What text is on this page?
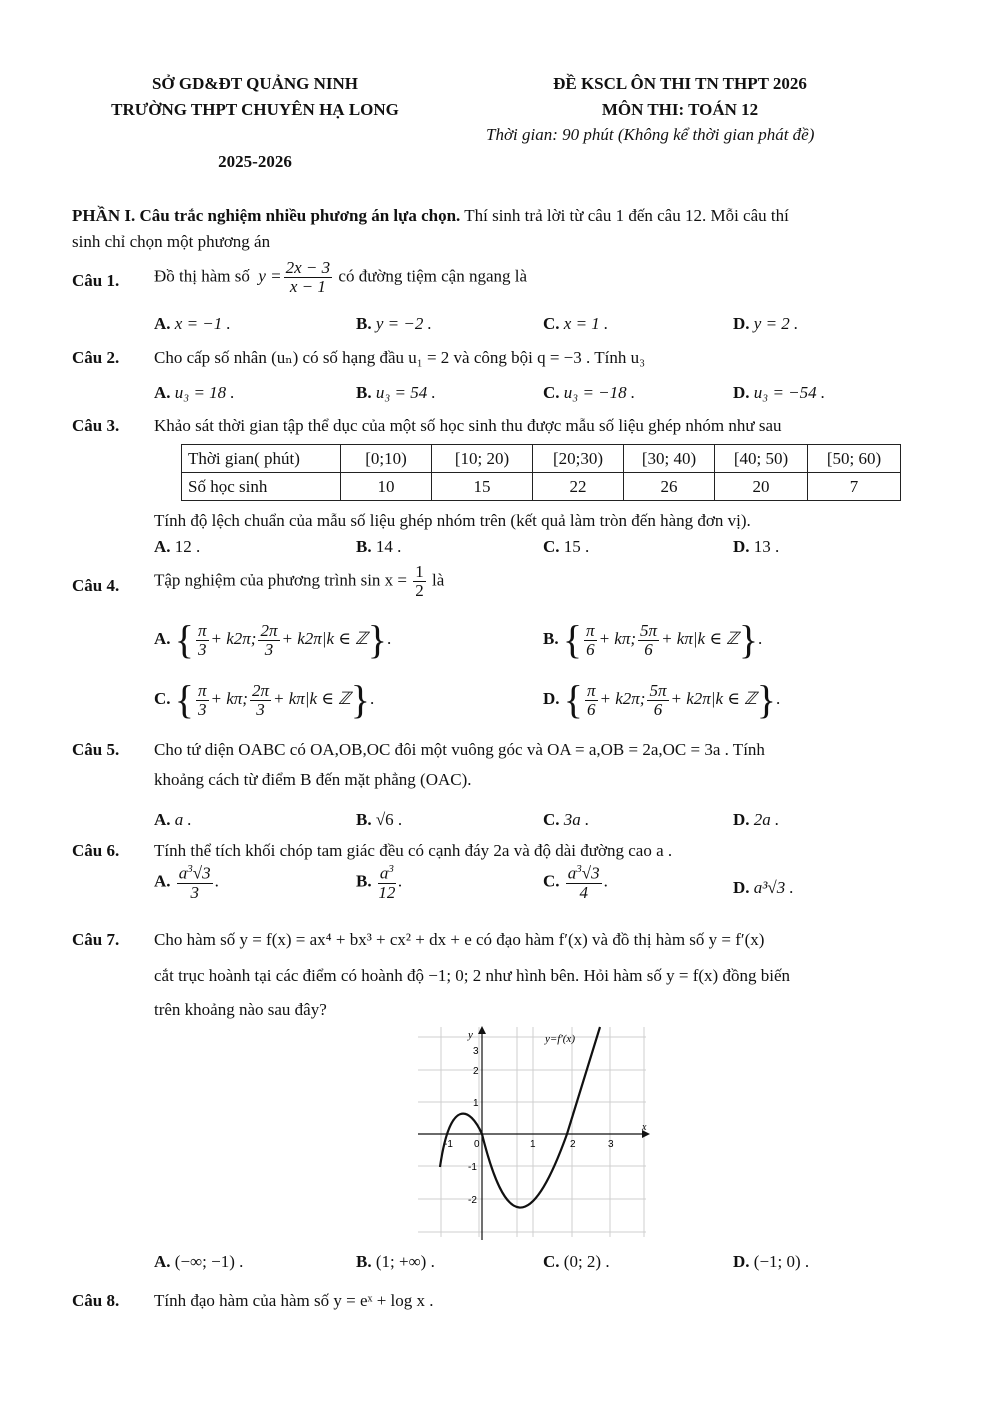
SỞ GD&ĐT QUẢNG NINH
TRƯỜNG THPT CHUYÊN HẠ LONG
2025-2026
ĐỀ KSCL ÔN THI TN THPT 2026
MÔN THI: TOÁN 12
Thời gian: 90 phút (Không kể thời gian phát đề)
PHẦN I. Câu trắc nghiệm nhiều phương án lựa chọn. Thí sinh trả lời từ câu 1 đến câu 12. Mỗi câu thí
sinh chỉ chọn một phương án
Câu 1. Đồ thị hàm số  $y = \frac{2x - 3}{x - 1}$ có đường tiệm cận ngang là
A. x = −1 .	B. y = −2 .	C. x = 1 .	D. y = 2 .
Câu 2. Cho cấp số nhân (uₙ) có số hạng đầu u₁ = 2 và công bội q = −3 . Tính u₃
A. u₃ = 18 .	B. u₃ = 54 .	C. u₃ = −18 .	D. u₃ = −54 .
Câu 3. Khảo sát thời gian tập thể dục của một số học sinh thu được mẫu số liệu ghép nhóm như sau
Thời gian( phút)	[0;10)	[10; 20)	[20;30)	[30; 40)	[40; 50)	[50; 60)
Số học sinh	10	15	22	26	20	7
Tính độ lệch chuẩn của mẫu số liệu ghép nhóm trên (kết quả làm tròn đến hàng đơn vị).
A. 12 .	B. 14 .	C. 15 .	D. 13 .
Câu 4. Tập nghiệm của phương trình $\sin x = \frac{1}{2}$ là
A. { $\frac{\pi}{3} + k2\pi$; $\frac{2\pi}{3} + k2\pi|k$ ∈ ℤ}.	B. { $\frac{\pi}{6} + k\pi$; $\frac{5\pi}{6} + k\pi|k$ ∈ ℤ}.
C. { $\frac{\pi}{3} + k\pi$; $\frac{2\pi}{3} + k\pi|k$ ∈ ℤ}.	D. { $\frac{\pi}{6} + k2\pi$; $\frac{5\pi}{6} + k2\pi|k$ ∈ ℤ}.
Câu 5. Cho tứ diện OABC có OA,OB,OC đôi một vuông góc và OA = a,OB = 2a,OC = 3a . Tính
khoảng cách từ điểm B đến mặt phẳng (OAC).
A. a .	B. √6 .	C. 3a .	D. 2a .
Câu 6. Tính thể tích khối chóp tam giác đều có cạnh đáy 2a và độ dài đường cao a .
A. $\frac{a^3√3}{3}$ .	B. $\frac{a^3}{12}$ .	C. $\frac{a^3√3}{4}$ .	D. a³√3 .
Câu 7. Cho hàm số y = f(x) = ax⁴ + bx³ + cx² + dx + e có đạo hàm f′(x) và đồ thị hàm số y = f′(x)
cắt trục hoành tại các điểm có hoành độ −1; 0; 2 như hình bên. Hỏi hàm số y = f(x) đồng biến
trên khoảng nào sau đây?
y	y=f′(x)
x
-1 0	1	2	3
3
2
1
-1
-2
A. (−∞; −1) .	B. (1; +∞) .	C. (0; 2) .	D. (−1; 0) .
Câu 8. Tính đạo hàm của hàm số y = eˣ + log x .
